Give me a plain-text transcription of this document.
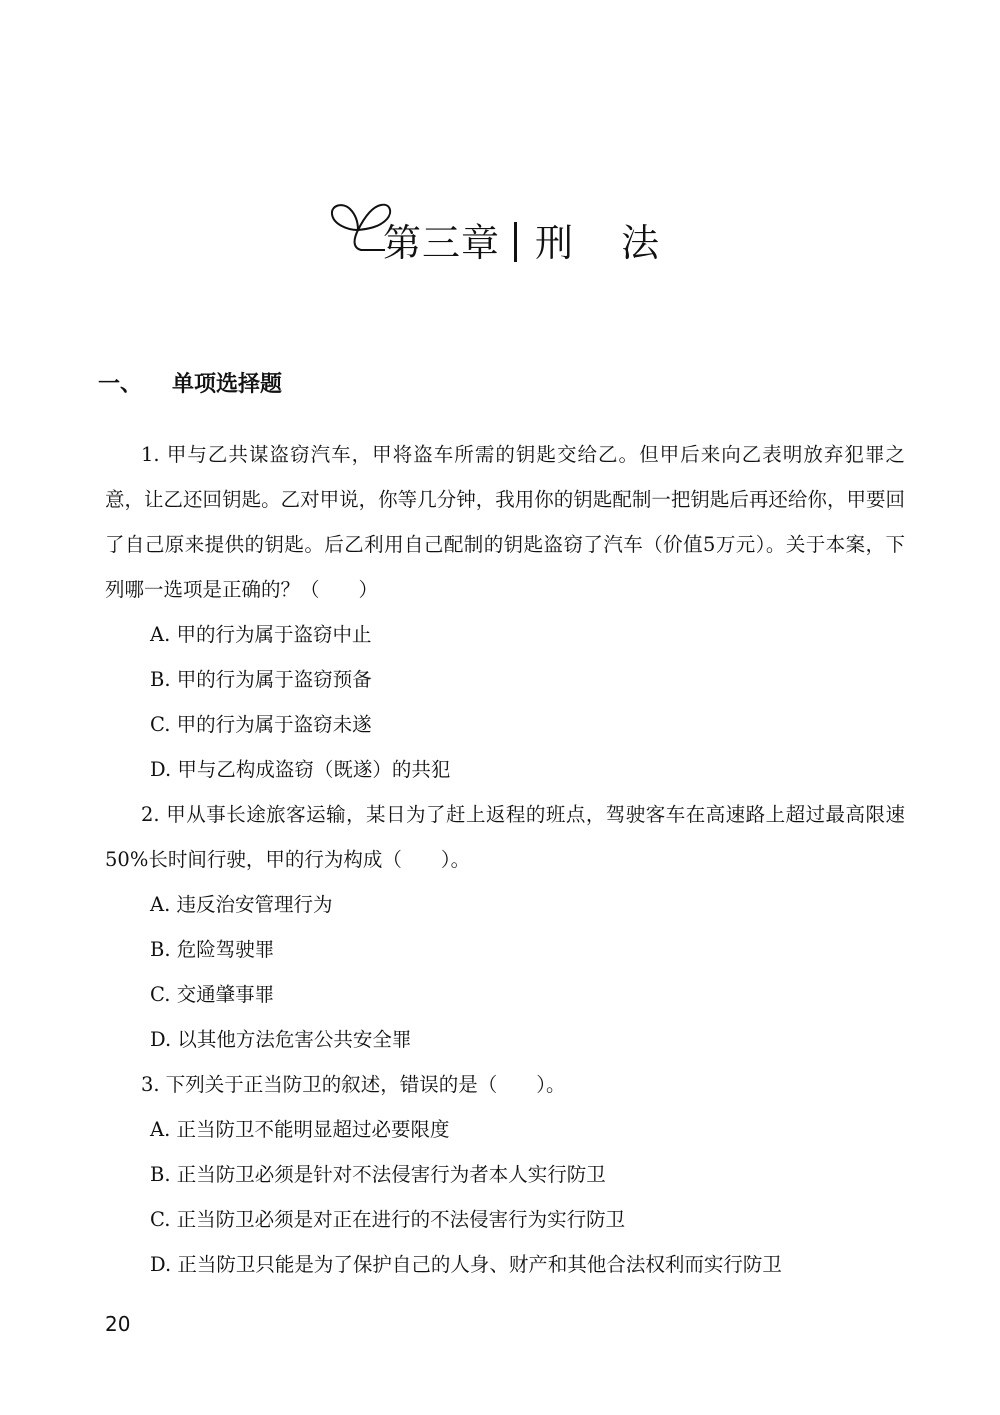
第三章 刑法
一、 单项选择题

1. 甲与乙共谋盗窃汽车，甲将盗车所需的钥匙交给乙。但甲后来向乙表明放弃犯罪之意，让乙还回钥匙。乙对甲说，你等几分钟，我用你的钥匙配制一把钥匙后再还给你，甲要回了自己原来提供的钥匙。后乙利用自己配制的钥匙盗窃了汽车（价值5万元）。关于本案，下列哪一选项是正确的？（　　）

A. 甲的行为属于盗窃中止

B. 甲的行为属于盗窃预备

C. 甲的行为属于盗窃未遂

D. 甲与乙构成盗窃（既遂）的共犯

2. 甲从事长途旅客运输，某日为了赶上返程的班点，驾驶客车在高速路上超过最高限速50%长时间行驶，甲的行为构成（　　）。

A. 违反治安管理行为

B. 危险驾驶罪

C. 交通肇事罪

D. 以其他方法危害公共安全罪

3. 下列关于正当防卫的叙述，错误的是（　　）。

A. 正当防卫不能明显超过必要限度

B. 正当防卫必须是针对不法侵害行为者本人实行防卫

C. 正当防卫必须是对正在进行的不法侵害行为实行防卫

D. 正当防卫只能是为了保护自己的人身、财产和其他合法权利而实行防卫

20
